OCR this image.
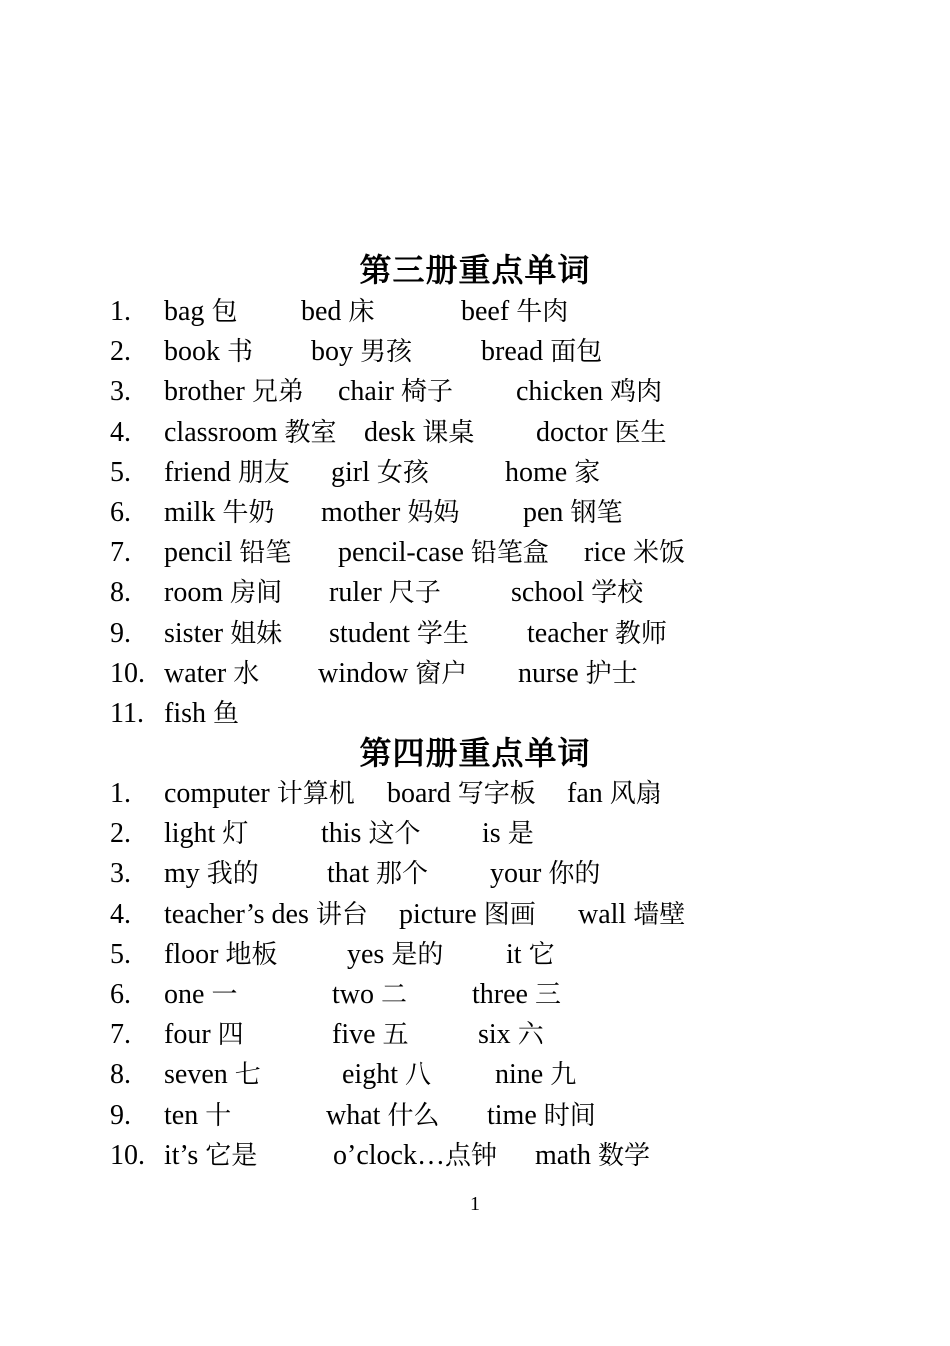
第三册重点单词
1. bag 包 bed 床	beef 牛肉
2. book 书 boy 男孩 bread 面包
3. brother 兄弟 chair 椅子 chicken 鸡肉
4. classroom 教室 desk 课桌 doctor 医生
5. friend 朋友 girl 女孩	home 家
6. milk 牛奶 mother 妈妈 pen 钢笔
7. pencil 铅笔 pencil-case 铅笔盒 rice 米饭
8. room 房间 ruler 尺子	school 学校
9. sister 姐妹 student 学生 teacher 教师
10. water 水 window 窗户 nurse 护士
11. fish 鱼
第四册重点单词
1. computer 计算机 board 写字板 fan 风扇
2. light 灯	this 这个 is 是
3. my 我的 that 那个 your 你的
4. teacher’s des 讲台 picture 图画 wall 墙壁
5. floor 地板 yes 是的 it 它
6. one 一	two 二 three 三
7. four 四	five 五 six 六
8. seven 七	eight 八 nine 九
9. ten 十	what 什么 time 时间
10. it’s 它是	o’clock…点钟 math 数学
1
